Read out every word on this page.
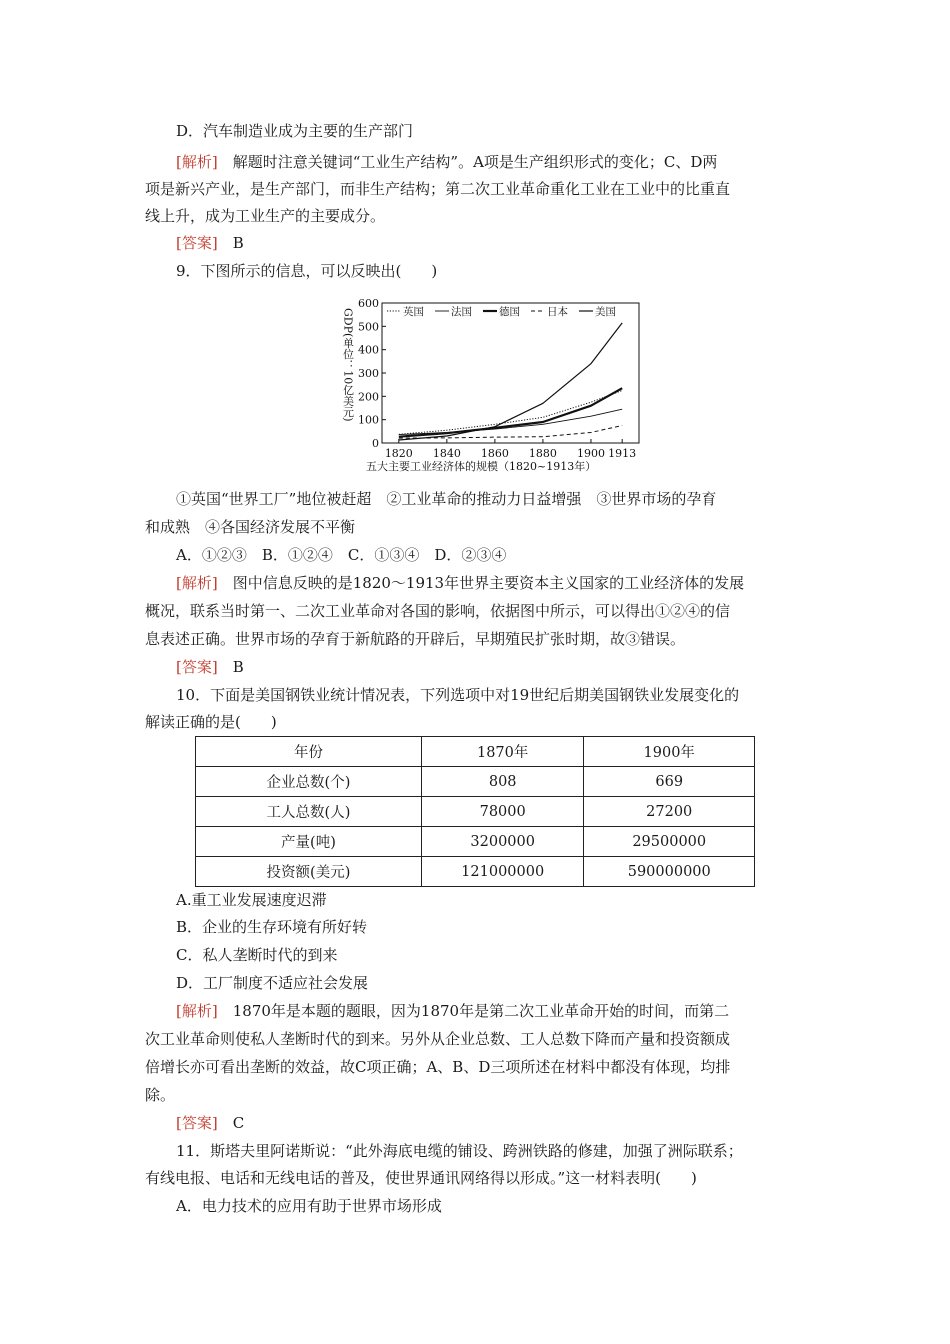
D．汽车制造业成为主要的生产部门
[解析]　 解题时注意关键词“工业生产结构”。A项是生产组织形式的变化；C、D两
项是新兴产业，是生产部门，而非生产结构；第二次工业革命重化工业在工业中的比重直
线上升，成为工业生产的主要成分。
[答案]　 B
9．下图所示的信息，可以反映出(　　)
0
100
200
300
400
500
600
1820 1840 1860 1880 1900 1913
英国	法国	德国	日本	美国
GDP(单位：10亿美元)
五大主要工业经济体的规模（1820~1913年）
①英国“世界工厂”地位被赶超　②工业革命的推动力日益增强　③世界市场的孕育
和成熟　④各国经济发展不平衡
A．①②③　B．①②④　C．①③④　D．②③④
[解析]　 图中信息反映的是1820～1913年世界主要资本主义国家的工业经济体的发展
概况，联系当时第一、二次工业革命对各国的影响，依据图中所示，可以得出①②④的信
息表述正确。世界市场的孕育于新航路的开辟后，早期殖民扩张时期，故③错误。
[答案]　 B
10．下面是美国钢铁业统计情况表，下列选项中对19世纪后期美国钢铁业发展变化的
解读正确的是(　　)
年份	1870年	1900年
企业总数(个)	808	669
工人总数(人)	78000	27200
产量(吨)	3200000	29500000
投资额(美元)	121000000	590000000
A.重工业发展速度迟滞
B．企业的生存环境有所好转
C．私人垄断时代的到来
D．工厂制度不适应社会发展
[解析]　 1870年是本题的题眼，因为1870年是第二次工业革命开始的时间，而第二
次工业革命则使私人垄断时代的到来。另外从企业总数、工人总数下降而产量和投资额成
倍增长亦可看出垄断的效益，故C项正确；A、B、D三项所述在材料中都没有体现，均排
除。
[答案]　 C
11．斯塔夫里阿诺斯说：“此外海底电缆的铺设、跨洲铁路的修建，加强了洲际联系；
有线电报、电话和无线电话的普及，使世界通讯网络得以形成。”这一材料表明(　　)
A．电力技术的应用有助于世界市场形成
